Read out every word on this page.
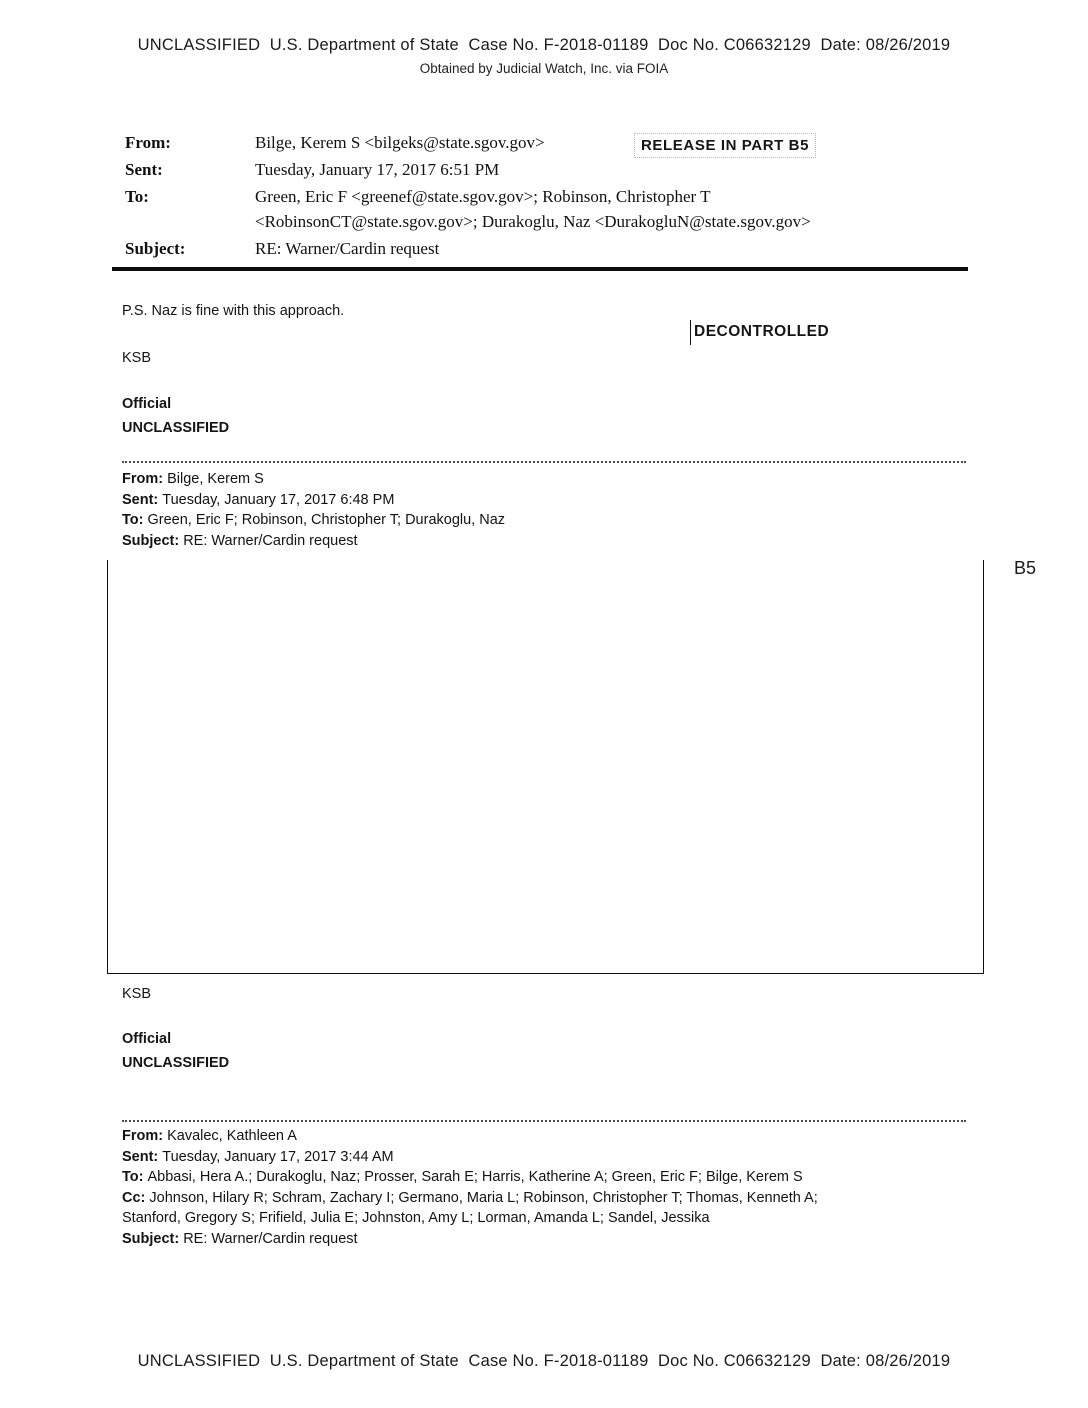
UNCLASSIFIED  U.S. Department of State  Case No. F-2018-01189  Doc No. C06632129  Date: 08/26/2019
Obtained by Judicial Watch, Inc. via FOIA
From:	Bilge, Kerem S <bilgeks@state.sgov.gov>
Sent:	Tuesday, January 17, 2017 6:51 PM
To:	Green, Eric F <greenef@state.sgov.gov>; Robinson, Christopher T
<RobinsonCT@state.sgov.gov>; Durakoglu, Naz <DurakogluN@state.sgov.gov>
Subject:	RE: Warner/Cardin request
RELEASE IN PART B5
P.S. Naz is fine with this approach.
DECONTROLLED
KSB
Official
UNCLASSIFIED
From: Bilge, Kerem S
Sent: Tuesday, January 17, 2017 6:48 PM
To: Green, Eric F; Robinson, Christopher T; Durakoglu, Naz
Subject: RE: Warner/Cardin request
B5
KSB
Official
UNCLASSIFIED
From: Kavalec, Kathleen A
Sent: Tuesday, January 17, 2017 3:44 AM
To: Abbasi, Hera A.; Durakoglu, Naz; Prosser, Sarah E; Harris, Katherine A; Green, Eric F; Bilge, Kerem S
Cc: Johnson, Hilary R; Schram, Zachary I; Germano, Maria L; Robinson, Christopher T; Thomas, Kenneth A;
Stanford, Gregory S; Frifield, Julia E; Johnston, Amy L; Lorman, Amanda L; Sandel, Jessika
Subject: RE: Warner/Cardin request
UNCLASSIFIED  U.S. Department of State  Case No. F-2018-01189  Doc No. C06632129  Date: 08/26/2019
